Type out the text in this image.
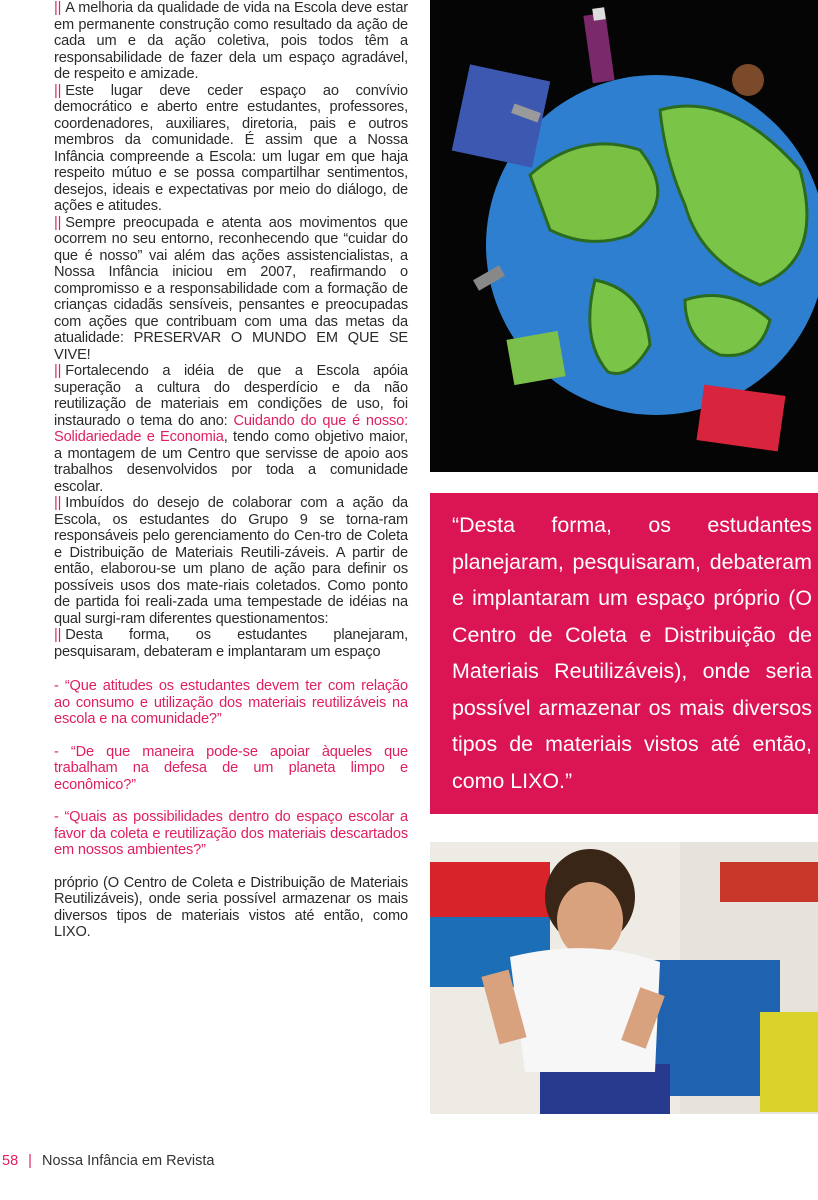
|| A melhoria da qualidade de vida na Escola deve estar em permanente construção como resultado da ação de cada um e da ação coletiva, pois todos têm a responsabilidade de fazer dela um espaço agradável, de respeito e amizade.

|| Este lugar deve ceder espaço ao convívio democrático e aberto entre estudantes, professores, coordenadores, auxiliares, diretoria, pais e outros membros da comunidade. É assim que a Nossa Infância compreende a Escola: um lugar em que haja respeito mútuo e se possa compartilhar sentimentos, desejos, ideais e expectativas por meio do diálogo, de ações e atitudes.

|| Sempre preocupada e atenta aos movimentos que ocorrem no seu entorno, reconhecendo que “cuidar do que é nosso” vai além das ações assistencialistas, a Nossa Infância iniciou em 2007, reafirmando o compromisso e a responsabilidade com a formação de crianças cidadãs sensíveis, pensantes e preocupadas com ações que contribuam com uma das metas da atualidade: PRESERVAR O MUNDO EM QUE SE VIVE!

|| Fortalecendo a idéia de que a Escola apóia superação a cultura do desperdício e da não reutilização de materiais em condições de uso, foi instaurado o tema do ano: Cuidando do que é nosso: Solidariedade e Economia, tendo como objetivo maior, a montagem de um Centro que servisse de apoio aos trabalhos desenvolvidos por toda a comunidade escolar.

|| Imbuídos do desejo de colaborar com a ação da Escola, os estudantes do Grupo 9 se torna-ram responsáveis pelo gerenciamento do Cen-tro de Coleta e Distribuição de Materiais Reutili-záveis. A partir de então, elaborou-se um plano de ação para definir os possíveis usos dos mate-riais coletados. Como ponto de partida foi reali-zada uma tempestade de idéias na qual surgi-ram diferentes questionamentos:

|| Desta forma, os estudantes planejaram, pesquisaram, debateram e implantaram um espaço

- “Que atitudes os estudantes devem ter com relação ao consumo e utilização dos materiais reutilizáveis na escola e na comunidade?”

- “De que maneira pode-se apoiar àqueles que trabalham na defesa de um planeta limpo e econômico?”

- “Quais as possibilidades dentro do espaço escolar a favor da coleta e reutilização dos materiais descartados em nossos ambientes?”

próprio (O Centro de Coleta e Distribuição de Materiais Reutilizáveis), onde seria possível armazenar os mais diversos tipos de materiais vistos até então, como LIXO.

“Desta forma, os estudantes planejaram, pesquisaram, debateram e implantaram um espaço próprio (O Centro de Coleta e Distribuição de Materiais Reutilizáveis), onde seria possível armazenar os mais diversos tipos de materiais vistos até então, como LIXO.”
58 | Nossa Infância em Revista
